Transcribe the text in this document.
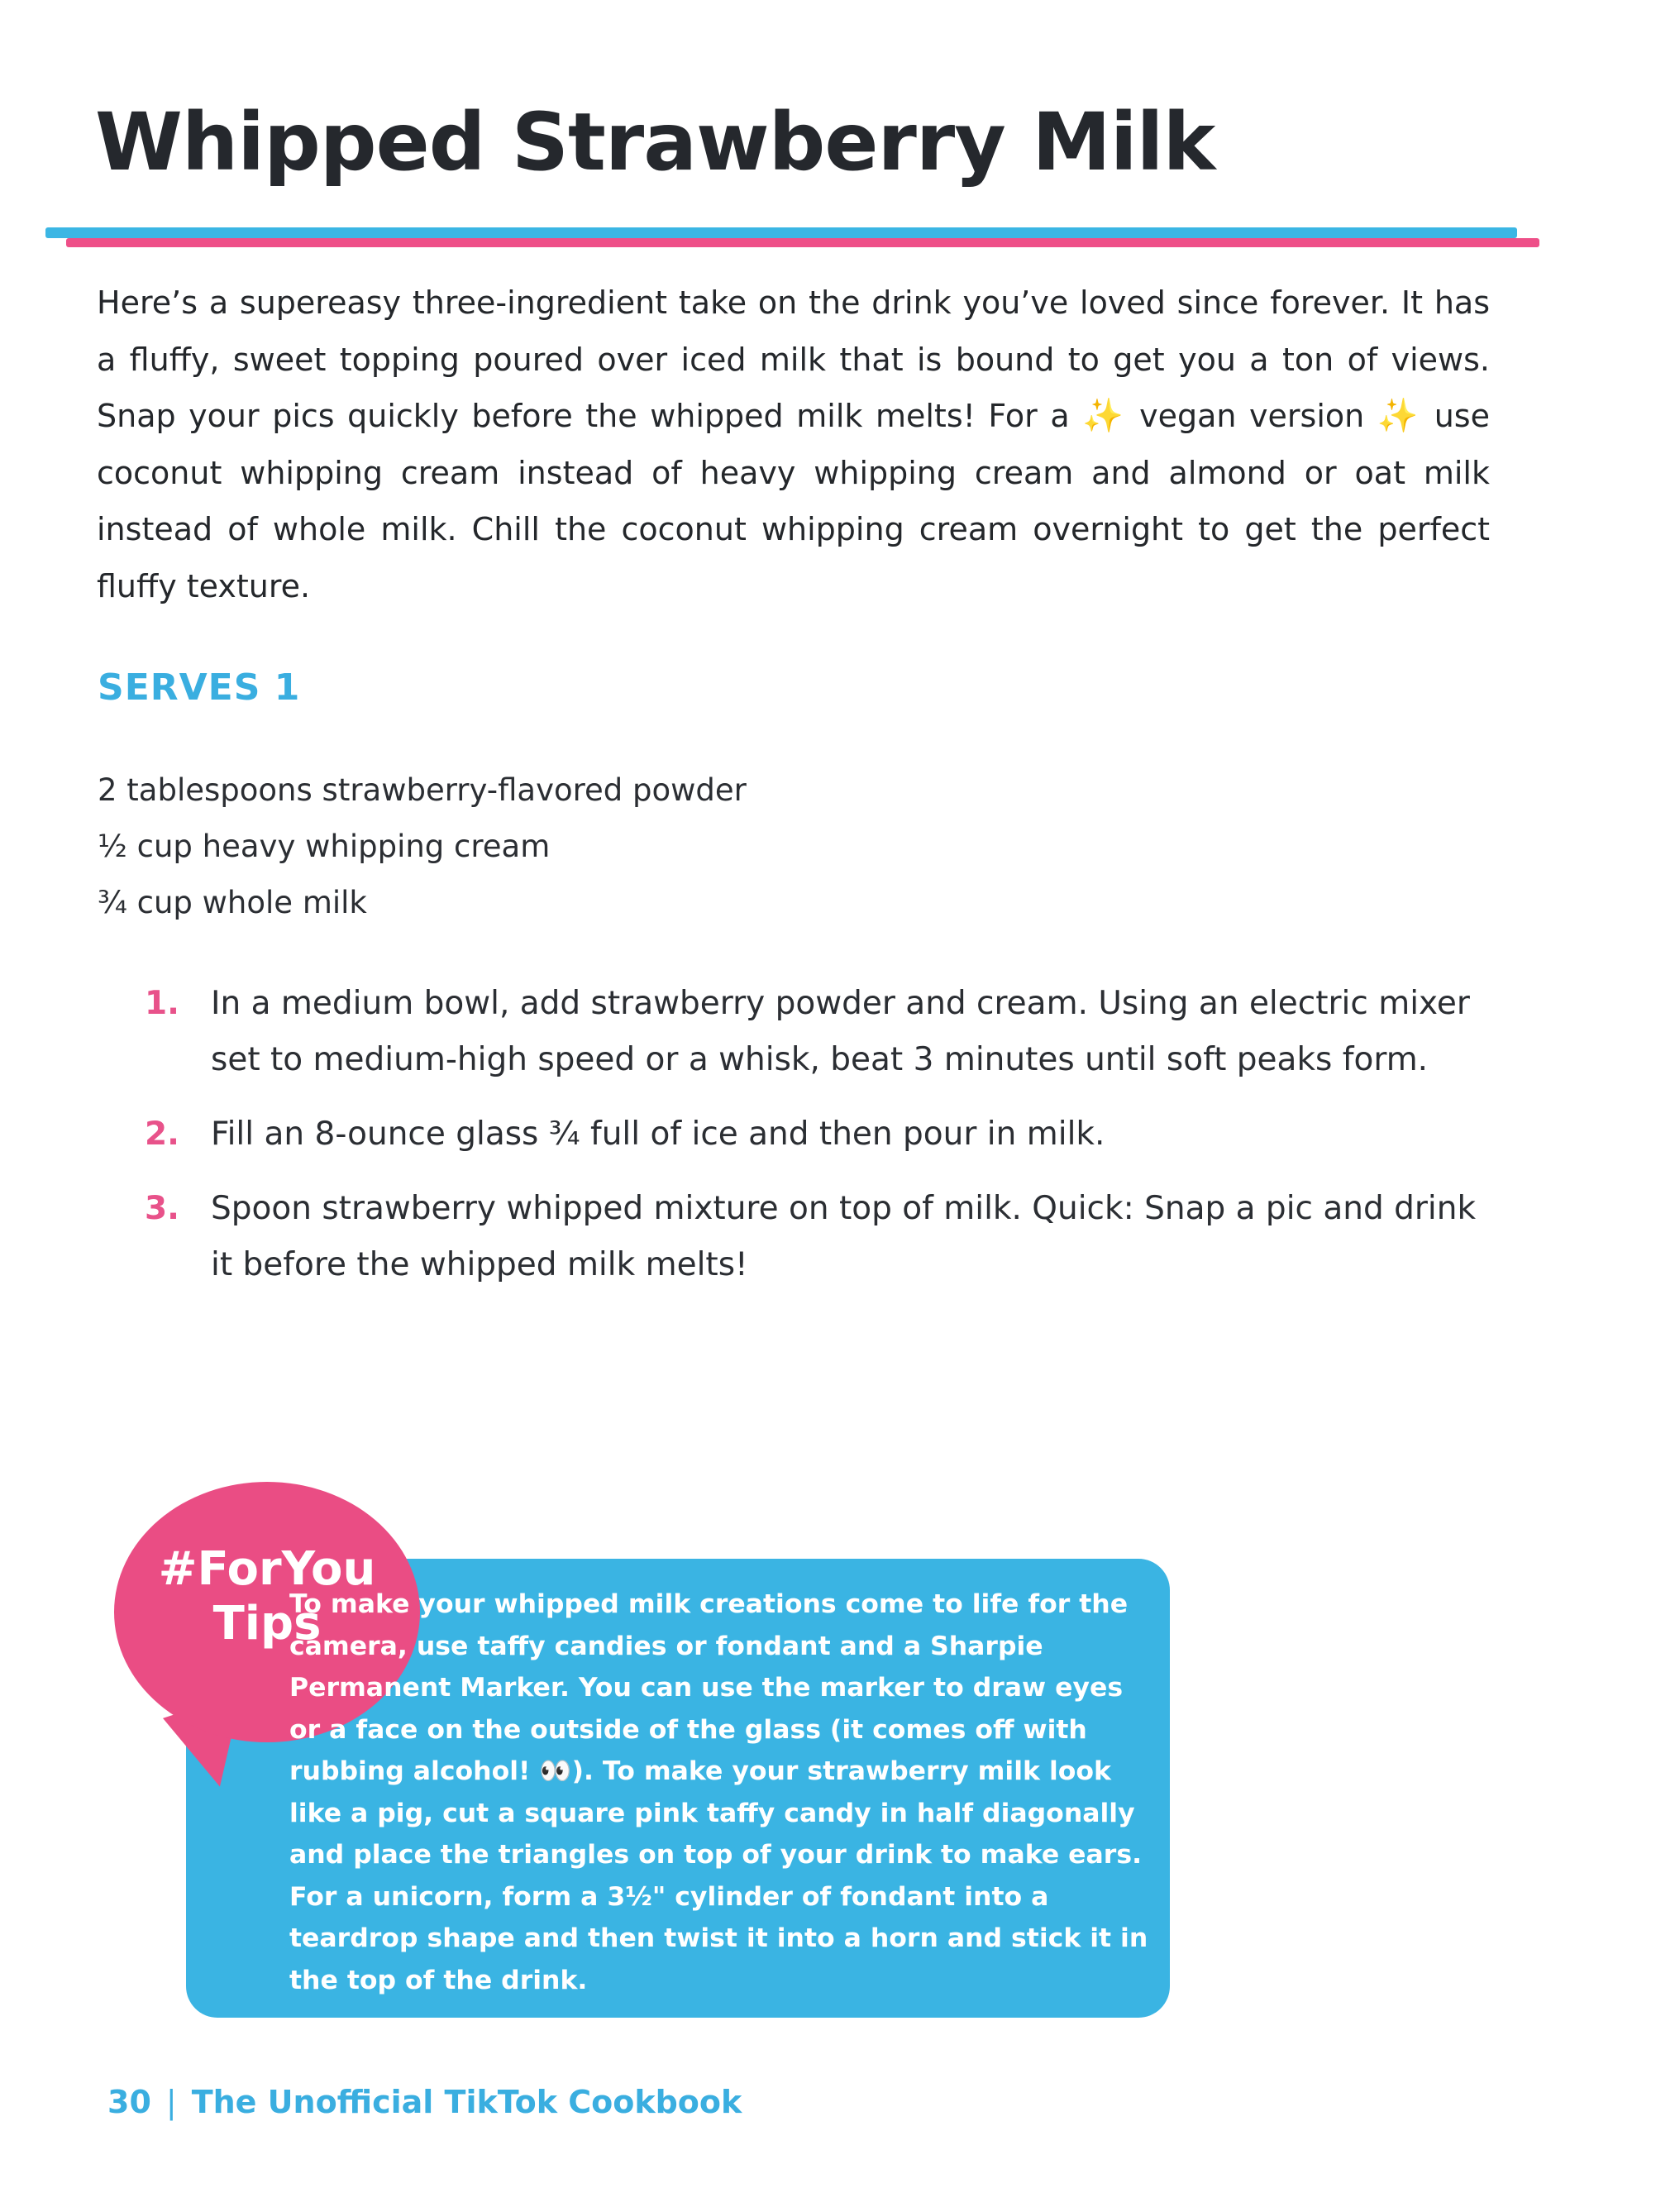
Whipped Strawberry Milk

Here’s a supereasy three-ingredient take on the drink you’ve loved since forever. It has a fluffy, sweet topping poured over iced milk that is bound to get you a ton of views. Snap your pics quickly before the whipped milk melts! For a ✨ vegan version ✨ use coconut whipping cream instead of heavy whipping cream and almond or oat milk instead of whole milk. Chill the coconut whipping cream overnight to get the perfect fluffy texture.

SERVES 1
2 tablespoons strawberry-flavored powder
½ cup heavy whipping cream
¾ cup whole milk
1. In a medium bowl, add strawberry powder and cream. Using an electric mixer set to medium-high speed or a whisk, beat 3 minutes until soft peaks form.
2. Fill an 8-ounce glass ¾ full of ice and then pour in milk.
3. Spoon strawberry whipped mixture on top of milk. Quick: Snap a pic and drink it before the whipped milk melts!
#ForYou
Tips

To make your whipped milk creations come to life for the camera, use taffy candies or fondant and a Sharpie Permanent Marker. You can use the marker to draw eyes or a face on the outside of the glass (it comes off with rubbing alcohol! 👀). To make your strawberry milk look like a pig, cut a square pink taffy candy in half diagonally and place the triangles on top of your drink to make ears. For a unicorn, form a 3½" cylinder of fondant into a teardrop shape and then twist it into a horn and stick it in the top of the drink.

30 | The Unofficial TikTok Cookbook
